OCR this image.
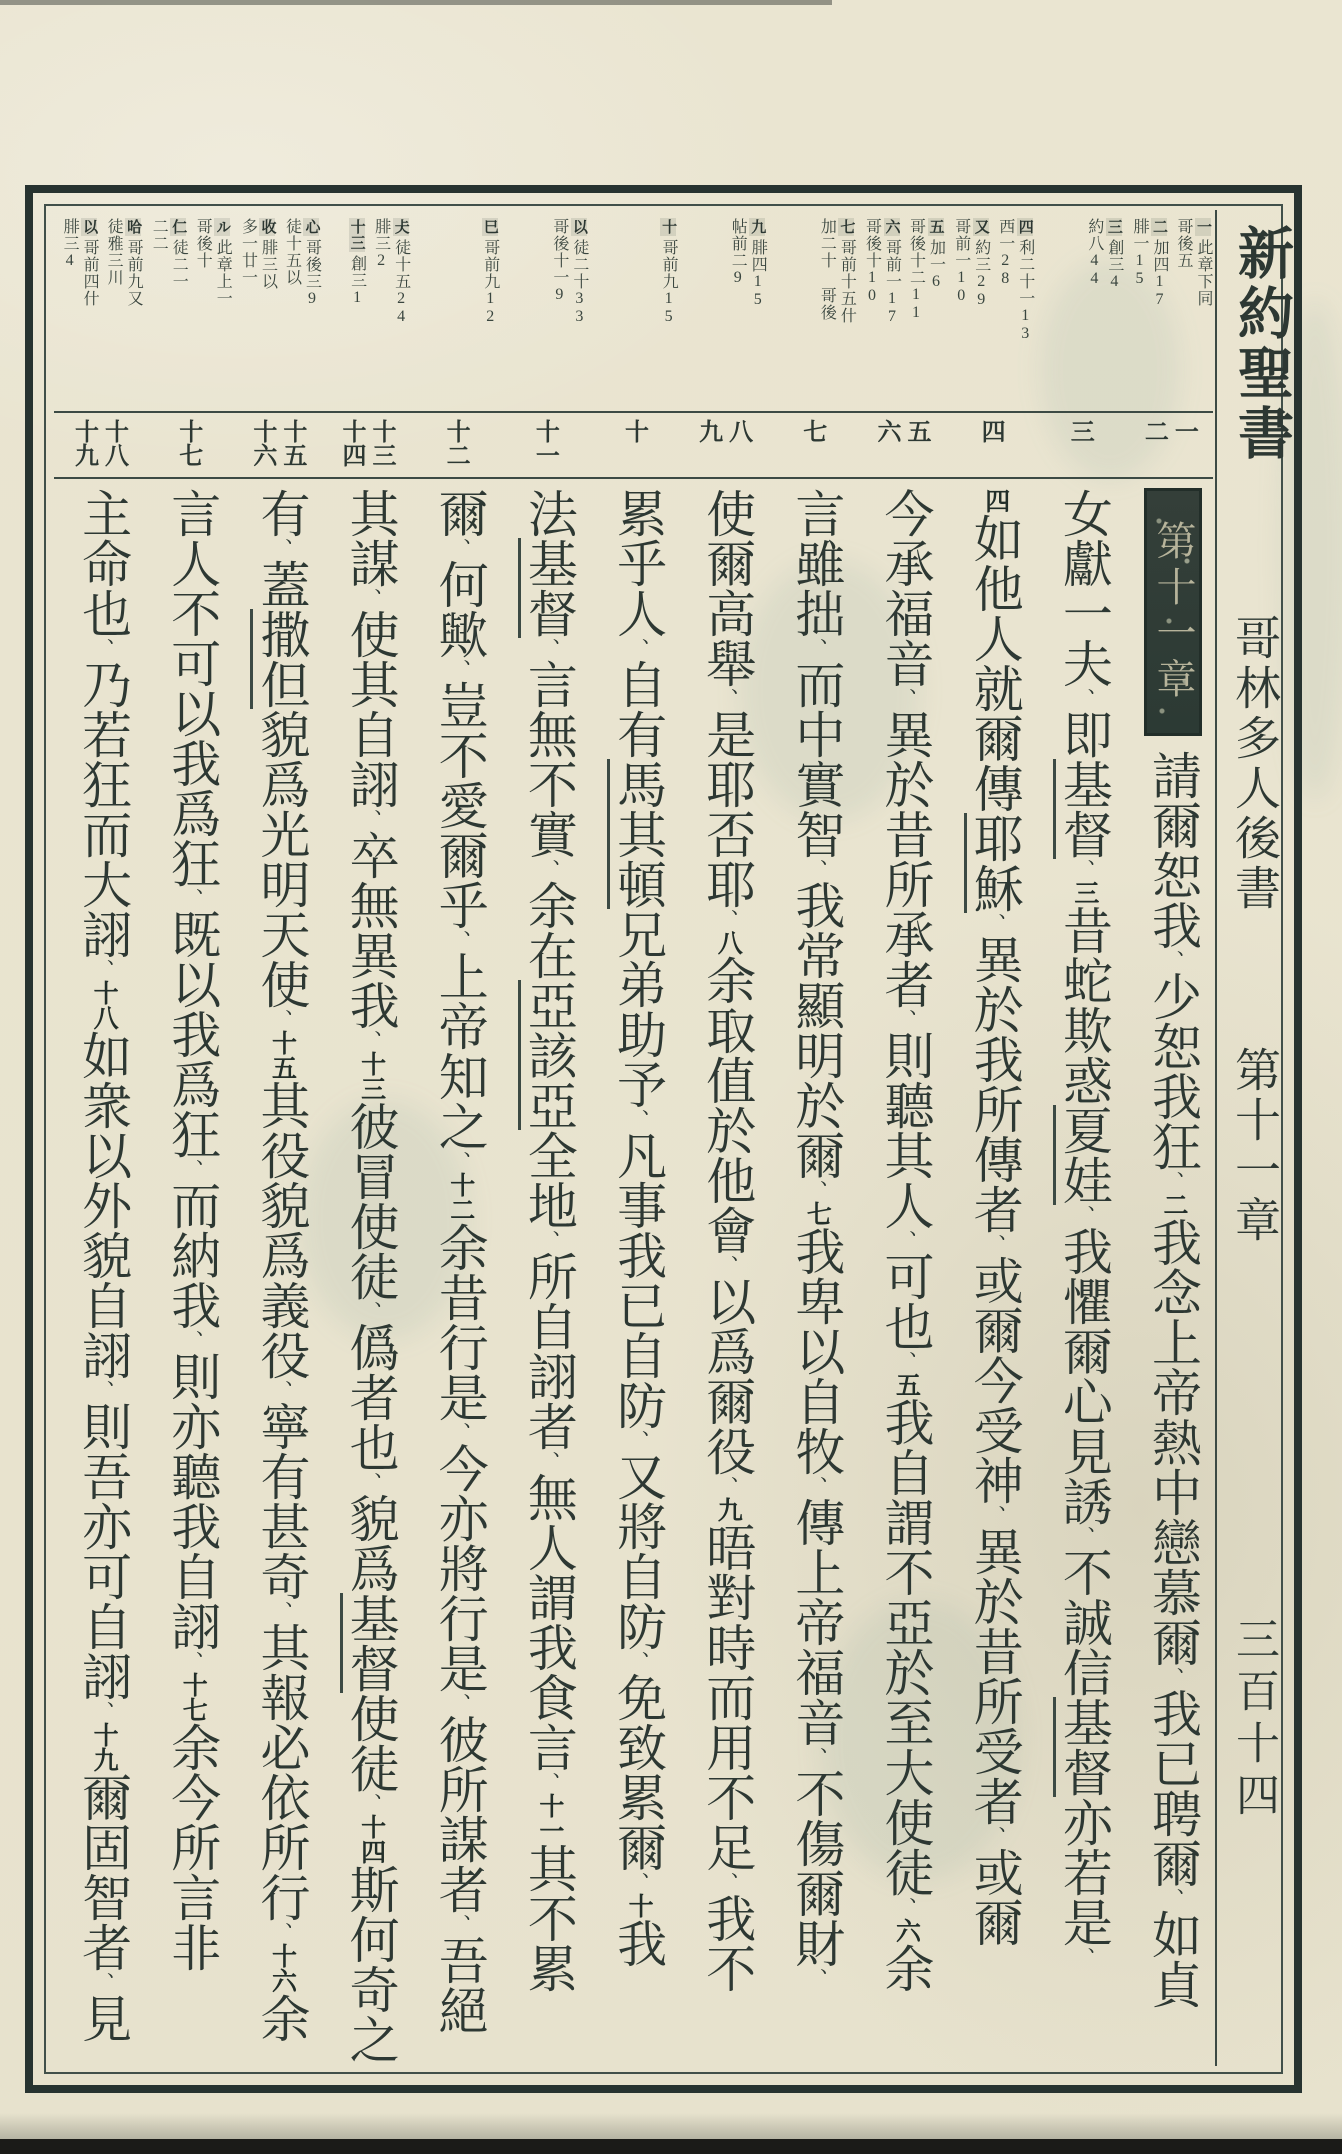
新約聖書
哥林多人後書
第十一章
三百十四
一此章下同
哥後五
二加四17
腓一15
三創三4
約八44
四利二十一13
西一28
又約三29
哥前一10
五加一6
哥後十二11
六哥前一17
哥後十10
七哥前十五什
加二十 哥後
九腓四15
帖前二9
十哥前九15
以徒二十33
哥後十一9
巳哥前九12
仧徒十五24
腓三2
十三創三1
心哥後三9
徒十五以
收腓三以
多一廿一
ル此章上一
哥後十
仁徒二一
二二
哈哥前九又
徒雅三川
以哥前四什
腓三4
一
二
三
四
五
六
七
八
九
十
十一
十二
十三
十四
十五
十六
十七
十八
十九
第十一章請爾恕我、少恕我狂、二我念上帝熱中戀慕爾、我已聘爾、如貞
女獻一夫、即基督、三昔蛇欺惑夏娃、我懼爾心見誘、不誠信基督亦若是、
四如他人就爾傳耶穌、異於我所傳者、或爾今受神、異於昔所受者、或爾
今承福音、異於昔所承者、則聽其人、可也、五我自謂不亞於至大使徒、六余
言雖拙、而中實智、我常顯明於爾、七我卑以自牧、傳上帝福音、不傷爾財、
使爾高舉、是耶否耶、八余取值於他會、以爲爾役、九晤對時而用不足、我不
累乎人、自有馬其頓兄弟助予、凡事我已自防、又將自防、免致累爾、十我
法基督、言無不實、余在亞該亞全地、所自詡者、無人謂我食言、十一其不累
爾、何歟、豈不愛爾乎、上帝知之、十二余昔行是、今亦將行是、彼所謀者、吾絕
其謀、使其自詡、卒無異我、十三彼冒使徒、僞者也、貌爲基督使徒、十四斯何奇之
有、蓋撒但貌爲光明天使、十五其役貌爲義役、寧有甚奇、其報必依所行、十六余
言人不可以我爲狂、既以我爲狂、而納我、則亦聽我自詡、十七余今所言非
主命也、乃若狂而大詡、十八如衆以外貌自詡、則吾亦可自詡、十九爾固智者、見
